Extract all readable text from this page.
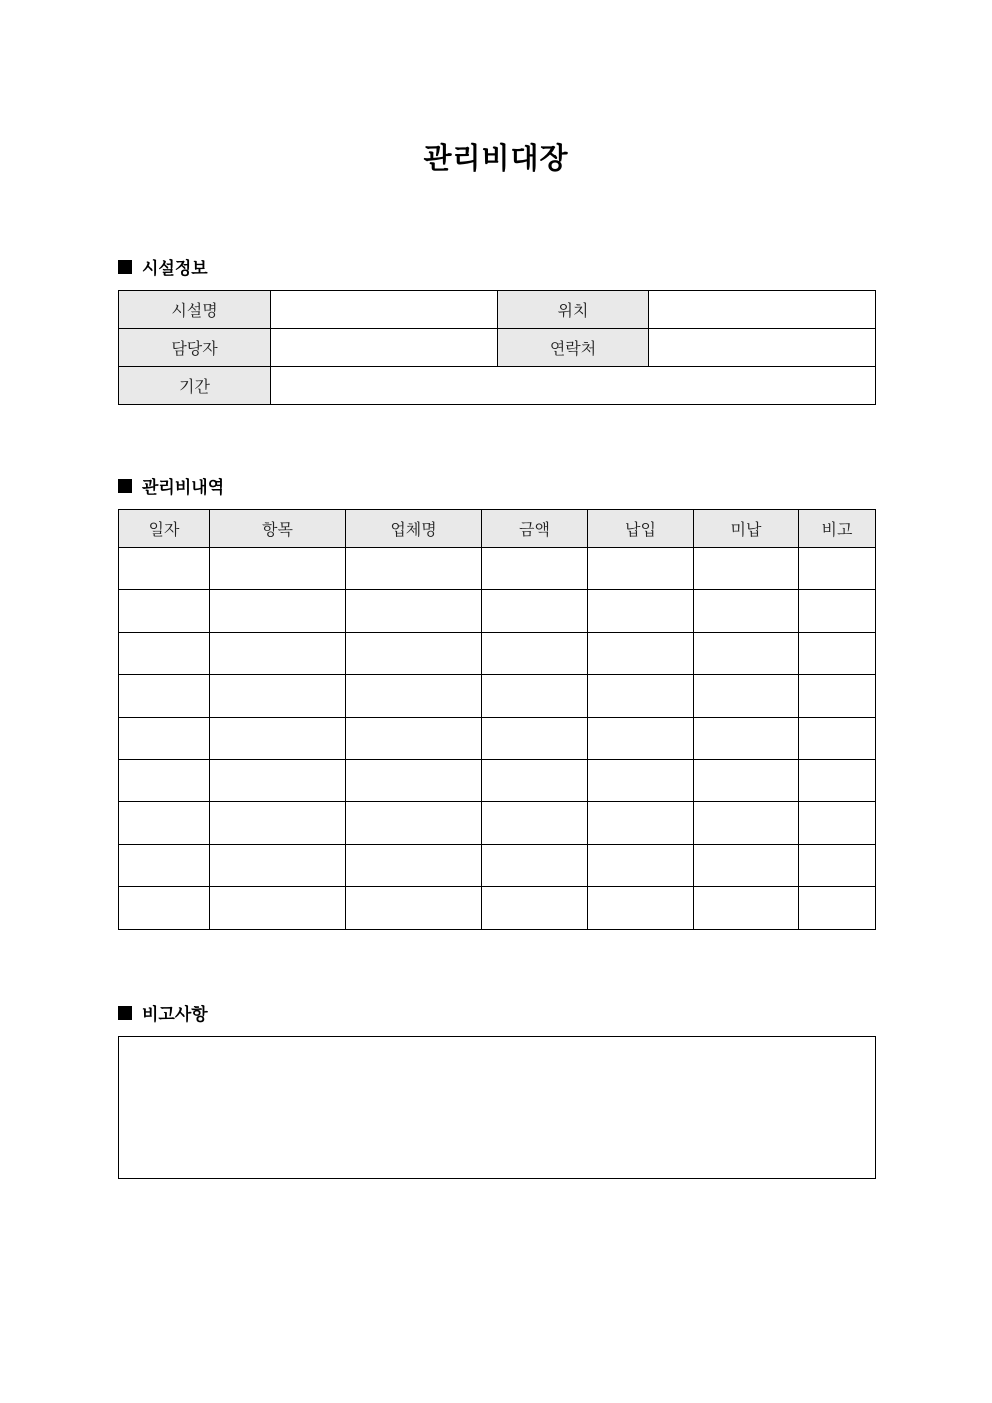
관리비대장
시설정보
시설명		위치	
담당자		연락처	
기간			
관리비내역
일자	항목	업체명	금액	납입	미납	비고

비고사항
